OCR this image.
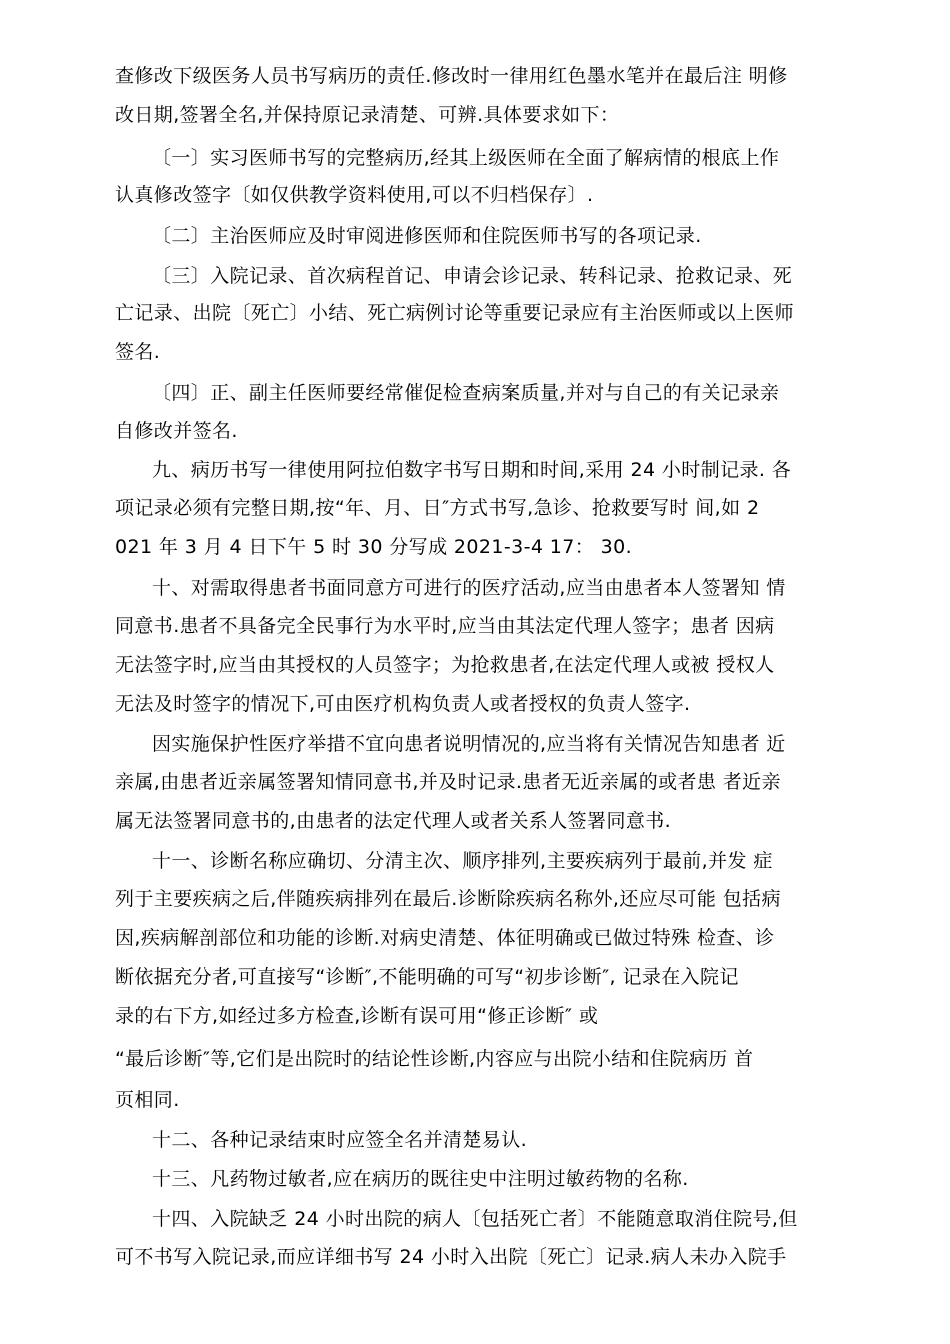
查修改下级医务人员书写病历的责任.修改时一律用红色墨水笔并在最后注 明修
改日期,签署全名,并保持原记录清楚、可辨.具体要求如下：
〔一〕实习医师书写的完整病历,经其上级医师在全面了解病情的根底上作
认真修改签字〔如仅供教学资料使用,可以不归档保存〕.
〔二〕主治医师应及时审阅进修医师和住院医师书写的各项记录.
〔三〕入院记录、首次病程首记、申请会诊记录、转科记录、抢救记录、死
亡记录、出院〔死亡〕小结、死亡病例讨论等重要记录应有主治医师或以上医师
签名.
〔四〕正、副主任医师要经常催促检查病案质量,并对与自己的有关记录亲
自修改并签名.
九、病历书写一律使用阿拉伯数字书写日期和时间,采用 24 小时制记录. 各
项记录必须有完整日期,按“年、月、日″方式书写,急诊、抢救要写时 间,如 2
021 年 3 月 4 日下午 5 时 30 分写成 2021-3-4 17： 30.
十、对需取得患者书面同意方可进行的医疗活动,应当由患者本人签署知 情
同意书.患者不具备完全民事行为水平时,应当由其法定代理人签字；患者 因病
无法签字时,应当由其授权的人员签字；为抢救患者,在法定代理人或被 授权人
无法及时签字的情况下,可由医疗机构负责人或者授权的负责人签字.
因实施保护性医疗举措不宜向患者说明情况的,应当将有关情况告知患者 近
亲属,由患者近亲属签署知情同意书,并及时记录.患者无近亲属的或者患 者近亲
属无法签署同意书的,由患者的法定代理人或者关系人签署同意书.
十一、诊断名称应确切、分清主次、顺序排列,主要疾病列于最前,并发 症
列于主要疾病之后,伴随疾病排列在最后.诊断除疾病名称外,还应尽可能 包括病
因,疾病解剖部位和功能的诊断.对病史清楚、体征明确或已做过特殊 检查、诊
断依据充分者,可直接写“诊断″,不能明确的可写“初步诊断″, 记录在入院记
录的右下方,如经过多方检查,诊断有误可用“修正诊断″ 或
“最后诊断″等,它们是出院时的结论性诊断,内容应与出院小结和住院病历 首
页相同.
十二、各种记录结束时应签全名并清楚易认.
十三、凡药物过敏者,应在病历的既往史中注明过敏药物的名称.
十四、入院缺乏 24 小时出院的病人〔包括死亡者〕不能随意取消住院号,但
可不书写入院记录,而应详细书写 24 小时入出院〔死亡〕记录.病人未办入院手
